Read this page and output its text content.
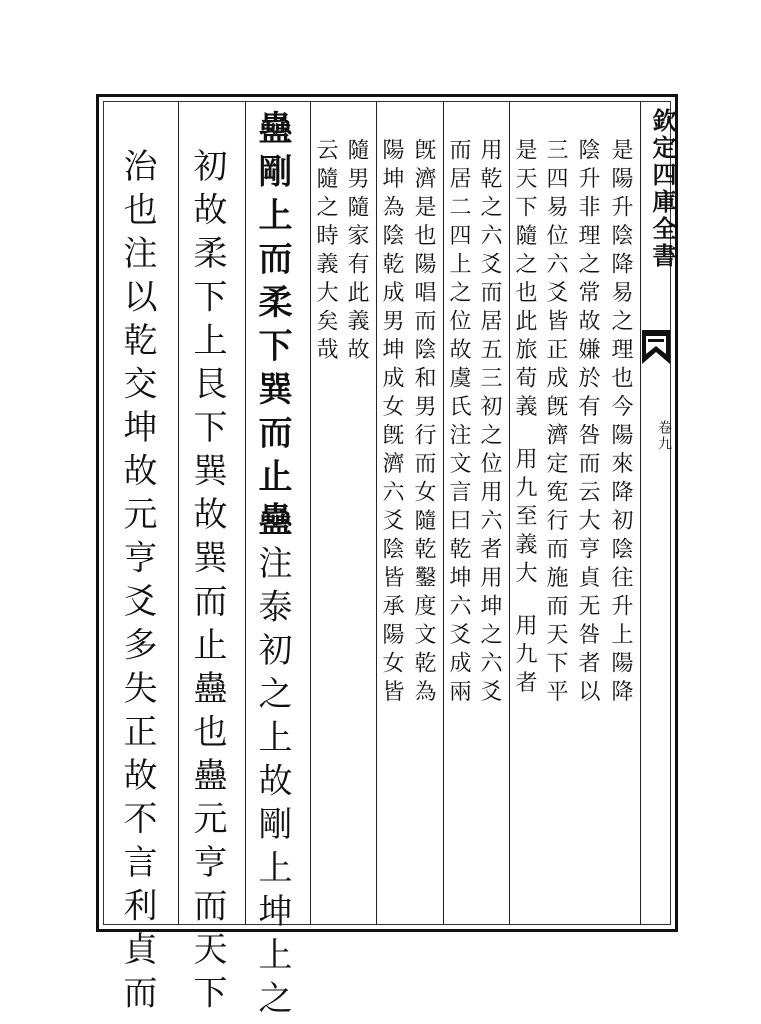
欽定四庫全書
卷九
是陽升陰降易之理也今陽來降初陰往升上陽降
陰升非理之常故嫌於有咎而云大亨貞无咎者以
三四易位六爻皆正成旣濟定𡨚行而施而天下平
是天下隨之也此旅荀義用九至義大用九者
用乾之六爻而居五三初之位用六者用坤之六爻
而居二四上之位故虞氏注文言曰乾坤六爻成兩
旣濟是也陽唱而陰和男行而女隨乾鑿度文乾為
陽坤為陰乾成男坤成女旣濟六爻陰皆承陽女皆
隨男隨家有此義故
云隨之時義大矣哉
蠱剛上而柔下巽而止蠱注泰初之上故剛上坤上之
初故柔下上艮下巽故巽而止蠱也蠱元亨而天下
治也注以乾交坤故元亨爻多失正故不言利貞而
